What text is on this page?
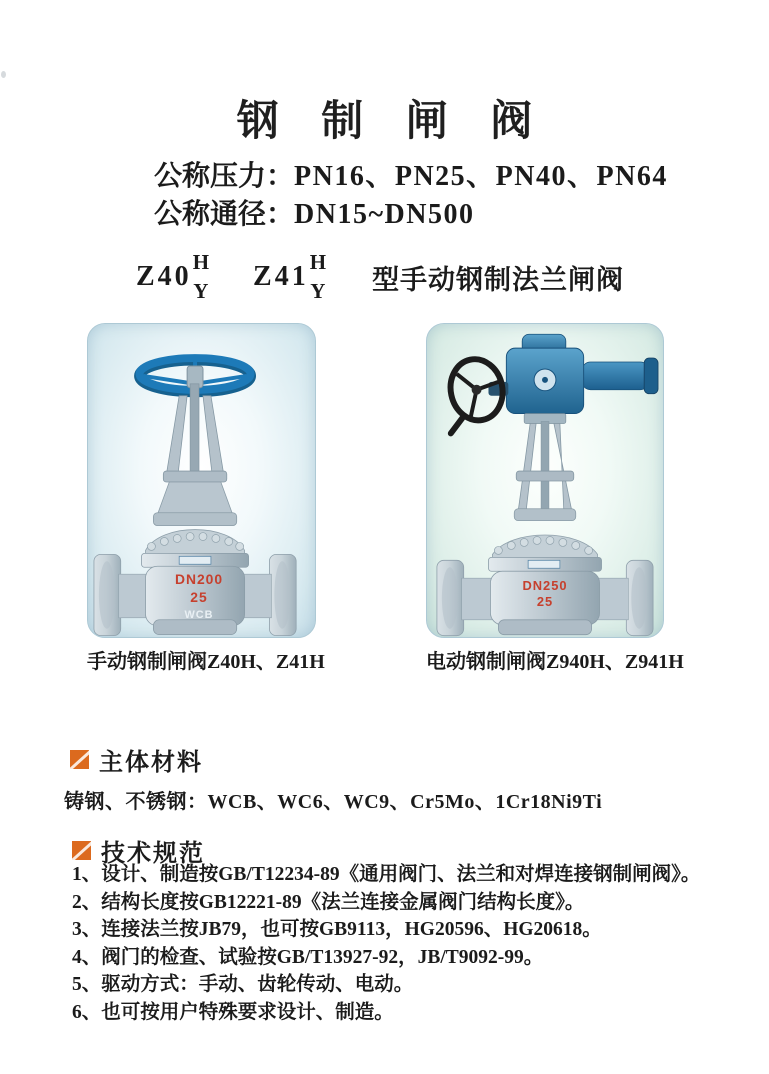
钢 制 闸 阀
公称压力：PN16、PN25、PN40、PN64
公称通径：DN15~DN500
Z40 H
Y Z41 H
Y 型手动钢制法兰闸阀
DN200
25
WCB
DN250
25
手动钢制闸阀Z40H、Z41H	电动钢制闸阀Z940H、Z941H
主体材料
铸钢、不锈钢：WCB、WC6、WC9、Cr5Mo、1Cr18Ni9Ti
技术规范
1、设计、制造按GB/T12234-89《通用阀门、法兰和对焊连接钢制闸阀》。
2、结构长度按GB12221-89《法兰连接金属阀门结构长度》。
3、连接法兰按JB79，也可按GB9113，HG20596、HG20618。
4、阀门的检查、试验按GB/T13927-92，JB/T9092-99。
5、驱动方式：手动、齿轮传动、电动。
6、也可按用户特殊要求设计、制造。
